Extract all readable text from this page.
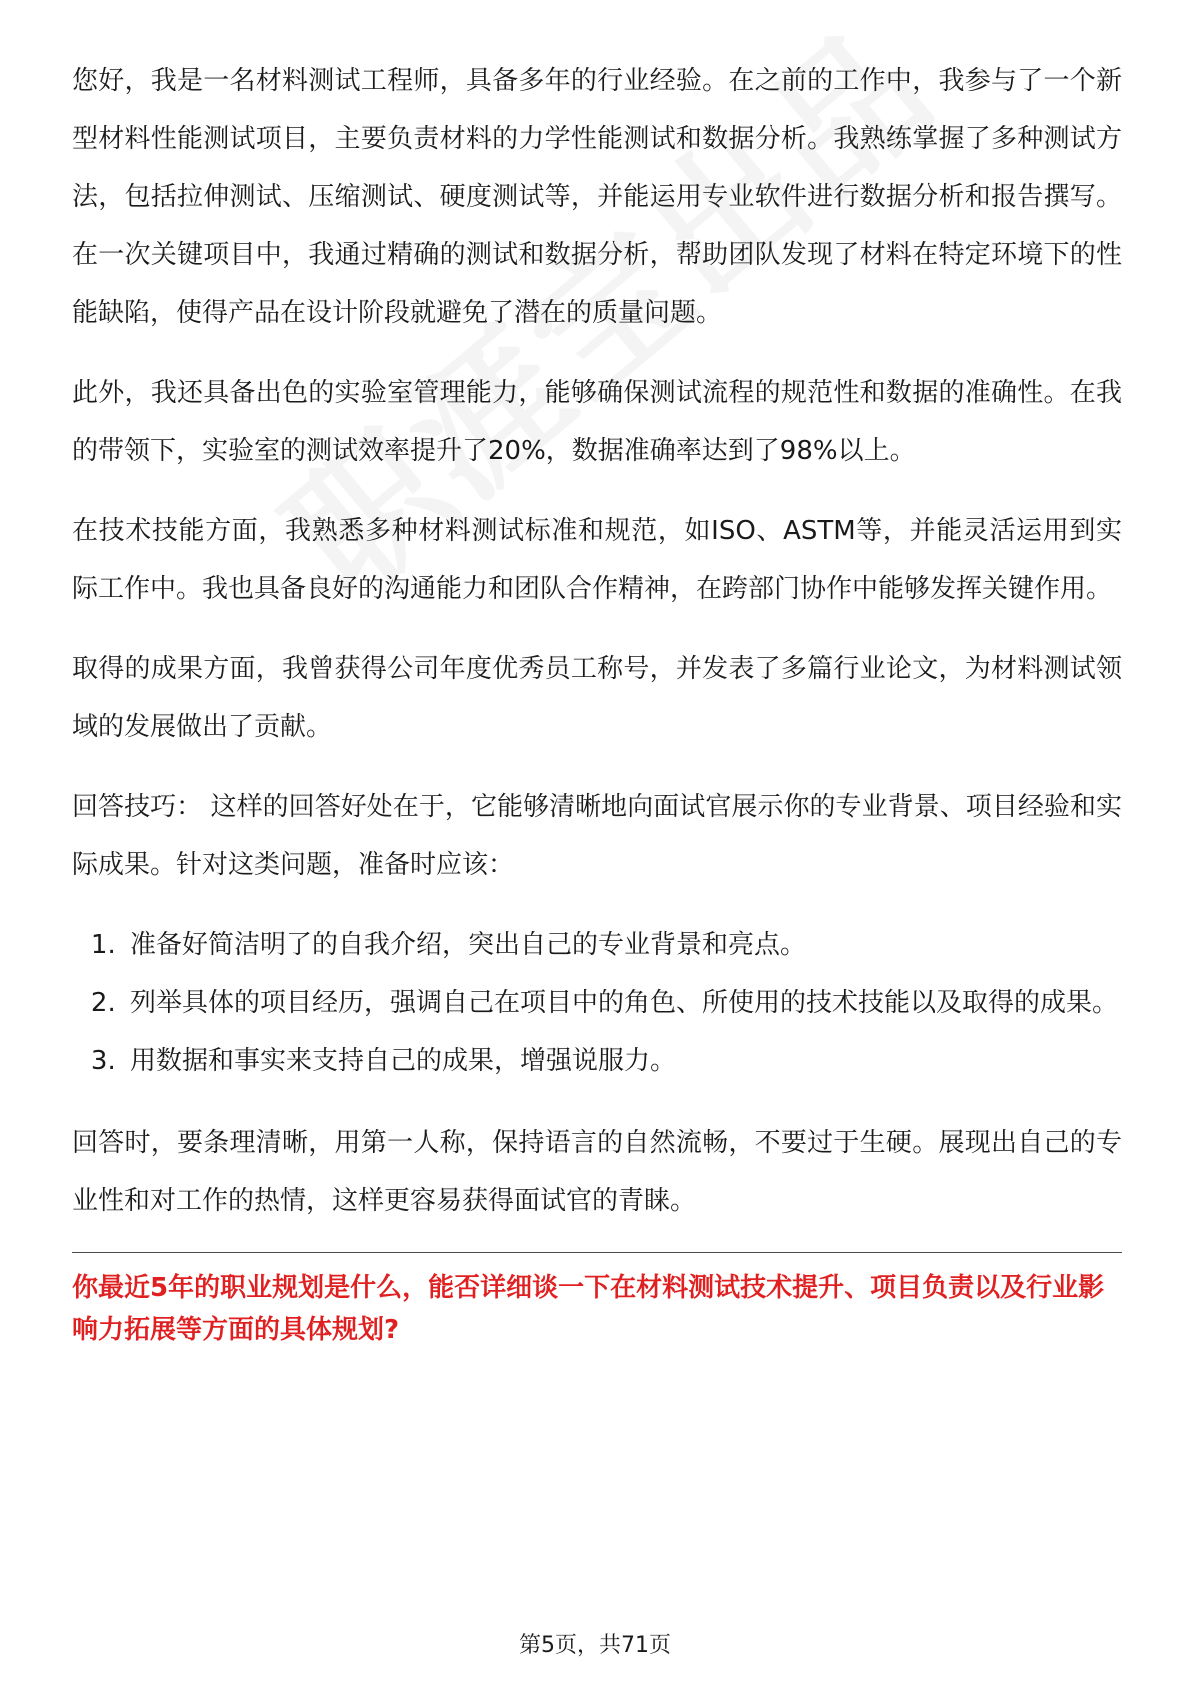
您好，我是一名材料测试工程师，具备多年的行业经验。在之前的工作中，我参与了一个新型材料性能测试项目，主要负责材料的力学性能测试和数据分析。我熟练掌握了多种测试方法，包括拉伸测试、压缩测试、硬度测试等，并能运用专业软件进行数据分析和报告撰写。在一次关键项目中，我通过精确的测试和数据分析，帮助团队发现了材料在特定环境下的性能缺陷，使得产品在设计阶段就避免了潜在的质量问题。

此外，我还具备出色的实验室管理能力，能够确保测试流程的规范性和数据的准确性。在我的带领下，实验室的测试效率提升了20%，数据准确率达到了98%以上。

在技术技能方面，我熟悉多种材料测试标准和规范，如ISO、ASTM等，并能灵活运用到实际工作中。我也具备良好的沟通能力和团队合作精神，在跨部门协作中能够发挥关键作用。

取得的成果方面，我曾获得公司年度优秀员工称号，并发表了多篇行业论文，为材料测试领域的发展做出了贡献。

回答技巧： 这样的回答好处在于，它能够清晰地向面试官展示你的专业背景、项目经验和实际成果。针对这类问题，准备时应该：

1. 准备好简洁明了的自我介绍，突出自己的专业背景和亮点。
2. 列举具体的项目经历，强调自己在项目中的角色、所使用的技术技能以及取得的成果。
3. 用数据和事实来支持自己的成果，增强说服力。

回答时，要条理清晰，用第一人称，保持语言的自然流畅，不要过于生硬。展现出自己的专业性和对工作的热情，这样更容易获得面试官的青睐。

你最近5年的职业规划是什么，能否详细谈一下在材料测试技术提升、项目负责以及行业影响力拓展等方面的具体规划?

第5页，共71页
